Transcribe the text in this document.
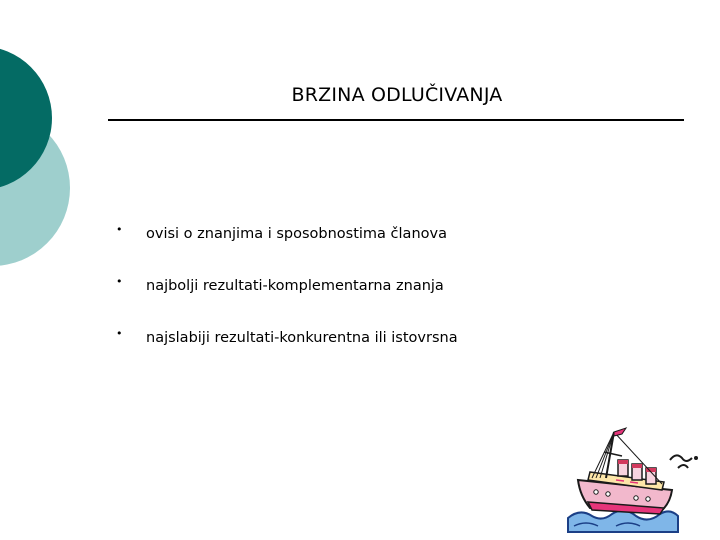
BRZINA ODLUČIVANJA
• ovisi o znanjima i sposobnostima članova
• najbolji rezultati-komplementarna znanja
• najslabiji rezultati-konkurentna ili istovrsna
